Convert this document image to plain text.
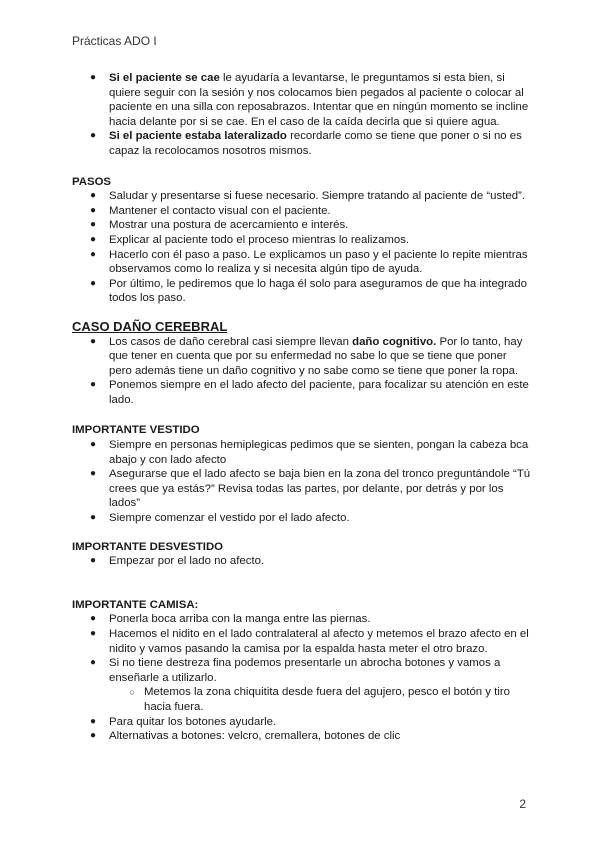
Prácticas ADO I
● Si el paciente se cae le ayudaría a levantarse, le preguntamos si esta bien, si quiere seguir con la sesión y nos colocamos bien pegados al paciente o colocar al paciente en una silla con reposabrazos. Intentar que en ningún momento se incline hacia delante por si se cae. En el caso de la caída decirla que si quiere agua.
● Si el paciente estaba lateralizado recordarle como se tiene que poner o si no es capaz la recolocamos nosotros mismos.
PASOS
● Saludar y presentarse si fuese necesario. Siempre tratando al paciente de “usted”.
● Mantener el contacto visual con el paciente.
● Mostrar una postura de acercamiento e interés.
● Explicar al paciente todo el proceso mientras lo realizamos.
● Hacerlo con él paso a paso. Le explicamos un paso y el paciente lo repite mientras observamos como lo realiza y si necesita algún tipo de ayuda.
● Por último, le pediremos que lo haga él solo para aseguramos de que ha integrado todos los paso.
CASO DAÑO CEREBRAL
● Los casos de daño cerebral casi siempre llevan daño cognitivo. Por lo tanto, hay que tener en cuenta que por su enfermedad no sabe lo que se tiene que poner pero además tiene un daño cognitivo y no sabe como se tiene que poner la ropa.
● Ponemos siempre en el lado afecto del paciente, para focalizar su atención en este lado.
IMPORTANTE VESTIDO
● Siempre en personas hemiplegicas pedimos que se sienten, pongan la cabeza bca abajo y con lado afecto
● Asegurarse que el lado afecto se baja bien en la zona del tronco preguntándole “Tú crees que ya estás?” Revisa todas las partes, por delante, por detrás y por los lados”
● Siempre comenzar el vestido por el lado afecto.
IMPORTANTE DESVESTIDO
● Empezar por el lado no afecto.
IMPORTANTE CAMISA:
● Ponerla boca arriba con la manga entre las piernas.
● Hacemos el nidito en el lado contralateral al afecto y metemos el brazo afecto en el nidito y vamos pasando la camisa por la espalda hasta meter el otro brazo.
● Si no tiene destreza fina podemos presentarle un abrocha botones y vamos a enseñarle a utilizarlo.
○ Metemos la zona chiquitita desde fuera del agujero, pesco el botón y tiro hacia fuera.
● Para quitar los botones ayudarle.
● Alternativas a botones: velcro, cremallera, botones de clic
2
